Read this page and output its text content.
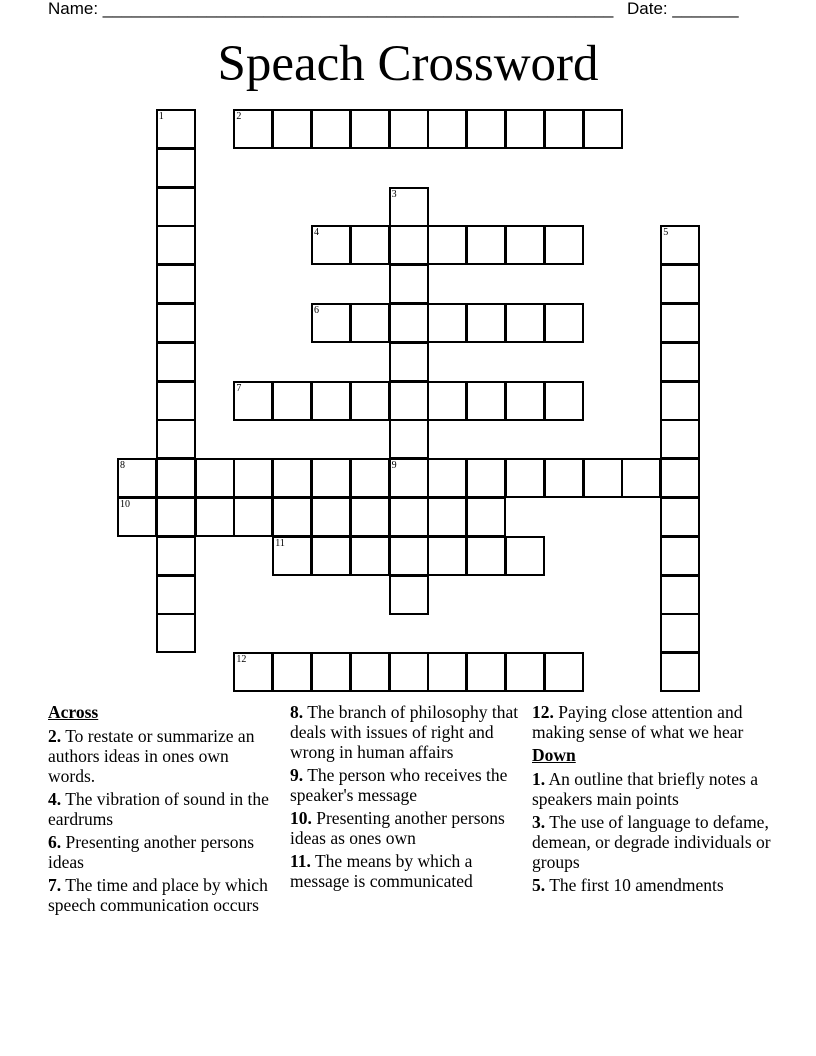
Name: ______________________________________________________ Date: _______
Speach Crossword
1	2
3
9
4	5
6
7
8
10
11
12
Across
2. To restate or summarize an authors ideas in ones own words.
4. The vibration of sound in the eardrums
6. Presenting another persons ideas
7. The time and place by which speech communication occurs
8. The branch of philosophy that deals with issues of right and wrong in human affairs
9. The person who receives the speaker's message
10. Presenting another persons ideas as ones own
11. The means by which a message is communicated
12. Paying close attention and making sense of what we hear
Down
1. An outline that briefly notes a speakers main points
3. The use of language to defame, demean, or degrade individuals or groups
5. The first 10 amendments
